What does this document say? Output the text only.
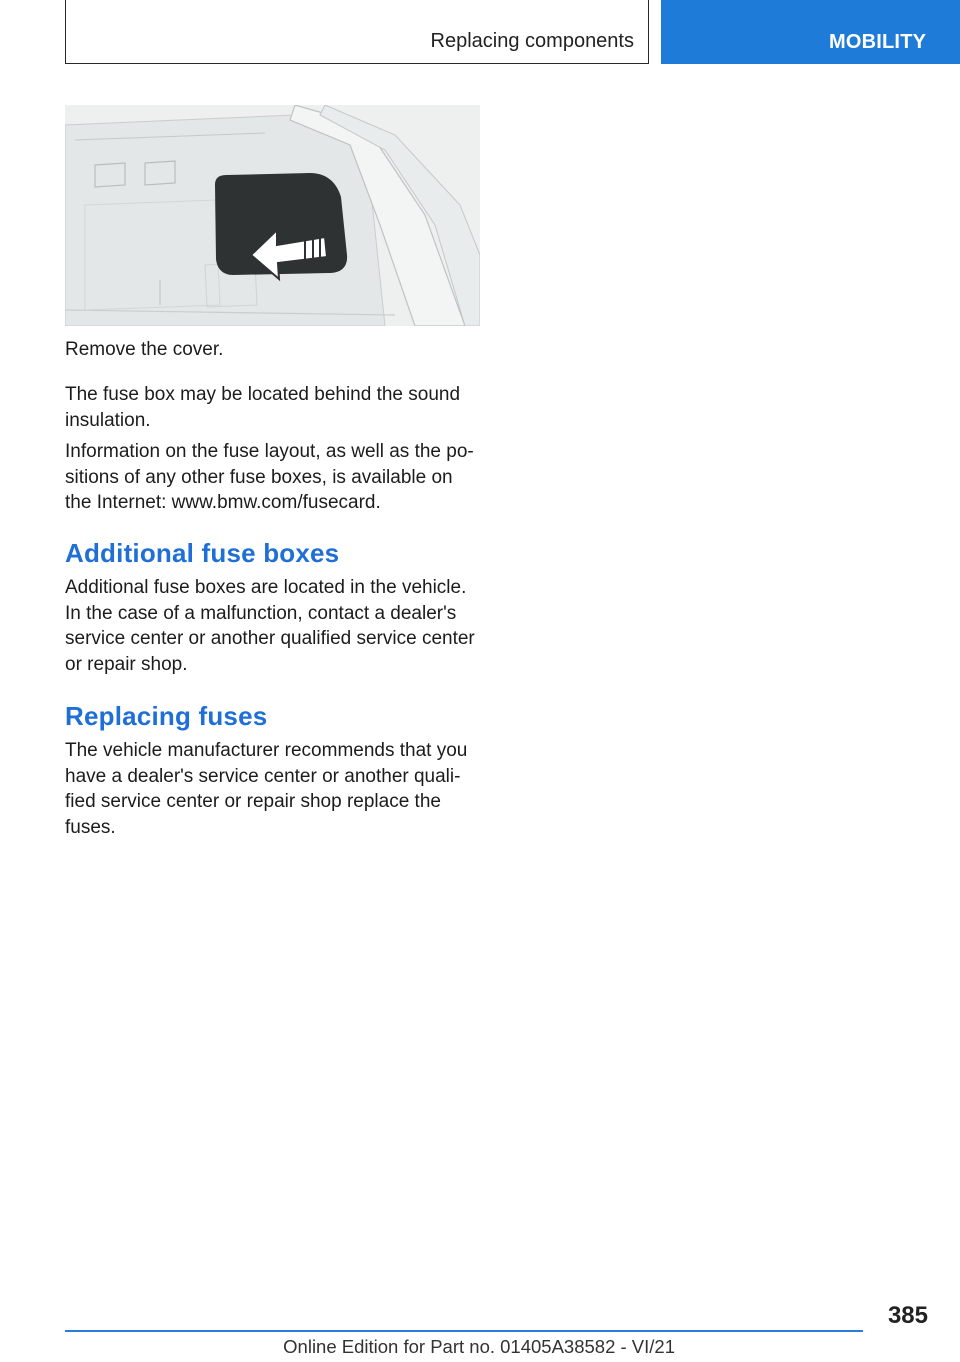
Replacing components	MOBILITY

Remove the cover.

The fuse box may be located behind the sound insulation.

Information on the fuse layout, as well as the po-sitions of any other fuse boxes, is available on the Internet: www.bmw.com/fusecard.

Additional fuse boxes

Additional fuse boxes are located in the vehicle. In the case of a malfunction, contact a dealer's service center or another qualified service center or repair shop.

Replacing fuses

The vehicle manufacturer recommends that you have a dealer's service center or another quali-fied service center or repair shop replace the fuses.

385
Online Edition for Part no. 01405A38582 - VI/21
